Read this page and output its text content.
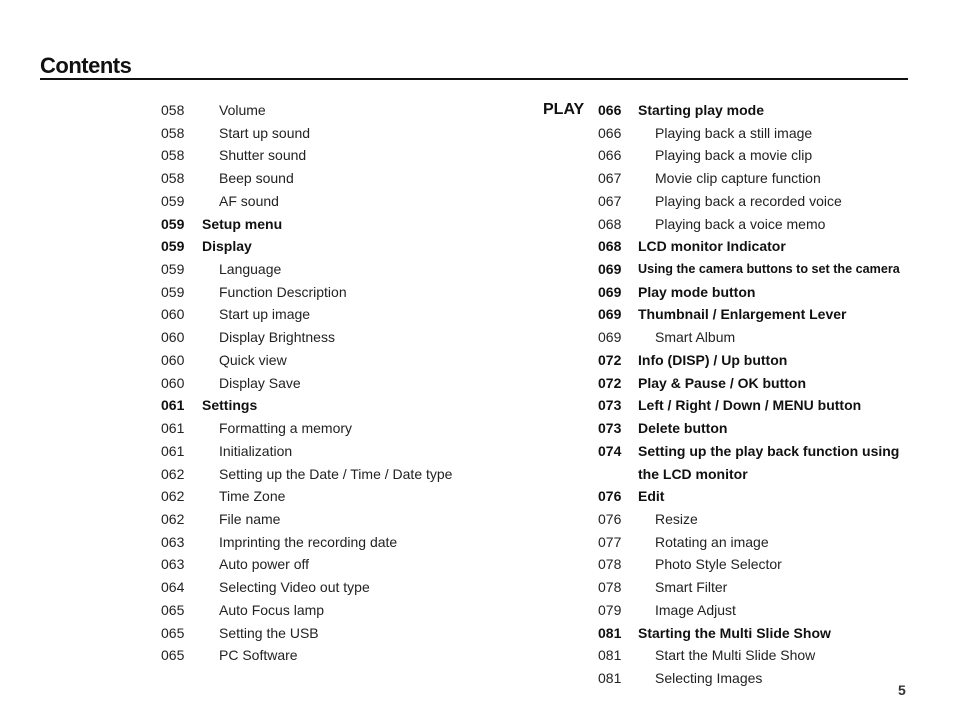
Contents
058 Volume
058 Start up sound
058 Shutter sound
058 Beep sound
059 AF sound
059 Setup menu
059 Display
059 Language
059 Function Description
060 Start up image
060 Display Brightness
060 Quick view
060 Display Save
061 Settings
061 Formatting a memory
061 Initialization
062 Setting up the Date / Time / Date type
062 Time Zone
062 File name
063 Imprinting the recording date
063 Auto power off
064 Selecting Video out type
065 Auto Focus lamp
065 Setting the USB
065 PC Software
PLAY 066 Starting play mode
066 Playing back a still image
066 Playing back a movie clip
067 Movie clip capture function
067 Playing back a recorded voice
068 Playing back a voice memo
068 LCD monitor Indicator
069 Using the camera buttons to set the camera
069 Play mode button
069 Thumbnail / Enlargement Lever
069 Smart Album
072 Info (DISP) / Up button
072 Play & Pause / OK button
073 Left / Right / Down / MENU button
073 Delete button
074 Setting up the play back function using
the LCD monitor
076 Edit
076 Resize
077 Rotating an image
078 Photo Style Selector
078 Smart Filter
079 Image Adjust
081 Starting the Multi Slide Show
081 Start the Multi Slide Show
081 Selecting Images
5
